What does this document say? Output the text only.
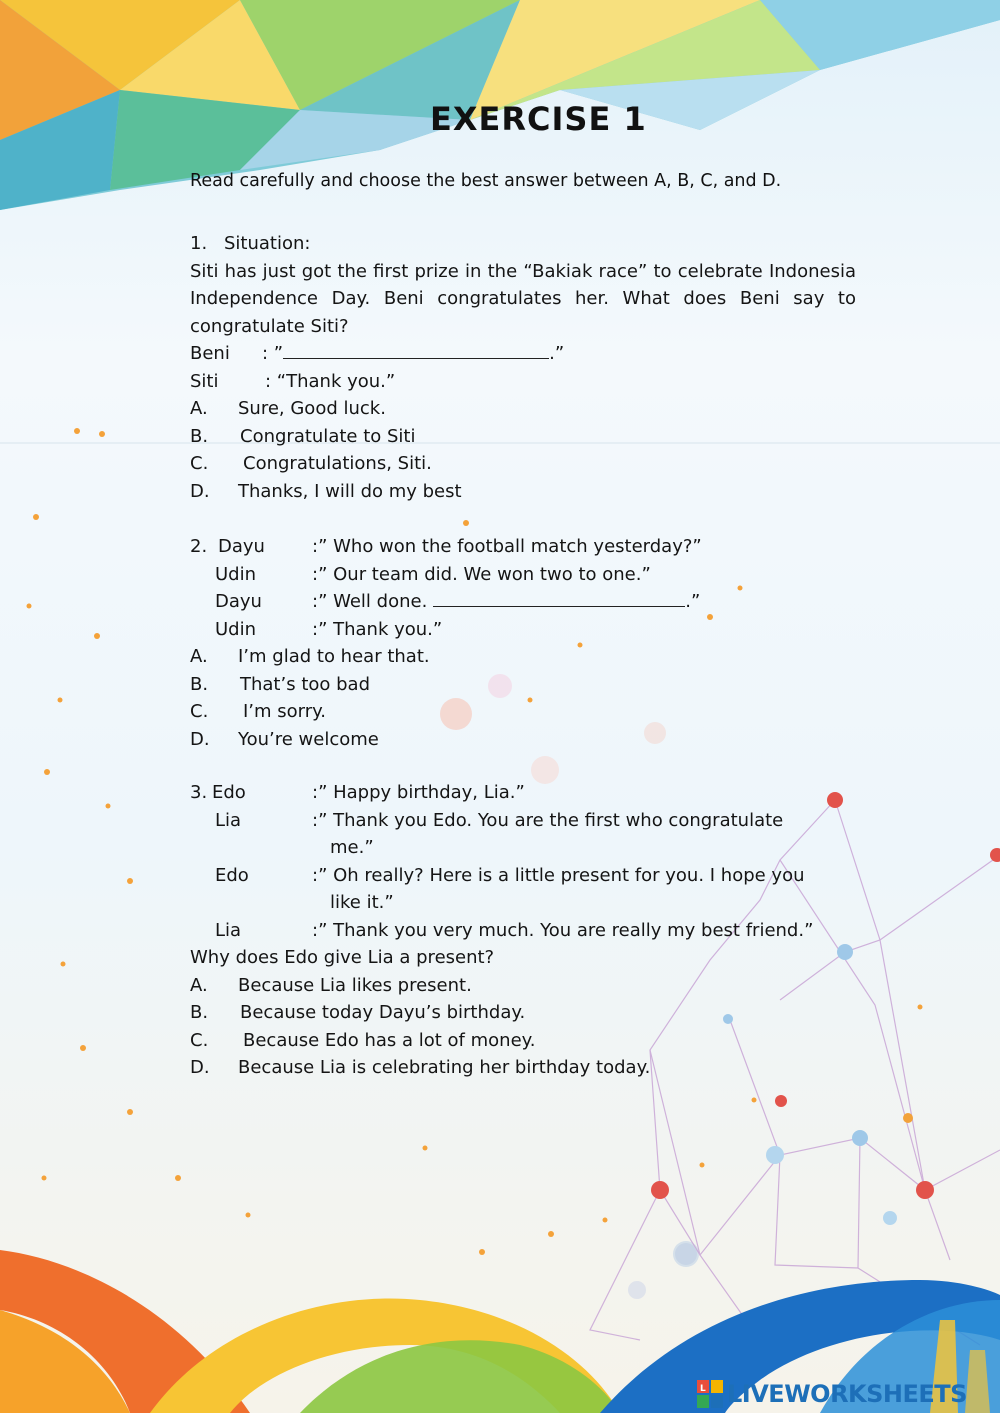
EXERCISE 1
Read carefully and choose the best answer between A, B, C, and D.

1. Situation:

Siti has just got the first prize in the “Bakiak race” to celebrate Indonesia Independence Day. Beni congratulates her. What does Beni say to congratulate Siti?

Beni	: ”	.”

Siti	: “Thank you.”

A.	Sure, Good luck.

B.	Congratulate to Siti

C.	Congratulations, Siti.

D.	Thanks, I will do my best

2. Dayu	:” Who won the football match yesterday?”

Udin	:” Our team did. We won two to one.”

Dayu	:” Well done.	.”

Udin	:” Thank you.”

A.	I’m glad to hear that.

B.	That’s too bad

C.	I’m sorry.

D.	You’re welcome

3. Edo	:” Happy birthday, Lia.”

Lia	:” Thank you Edo. You are the first who congratulate

me.”

Edo	:” Oh really? Here is a little present for you. I hope you

like it.”

Lia	:” Thank you very much. You are really my best friend.”

Why does Edo give Lia a present?

A.	Because Lia likes present.

B.	Because today Dayu’s birthday.

C.	Because Edo has a lot of money.

D.	Because Lia is celebrating her birthday today.

L LIVEWORKSHEETS
